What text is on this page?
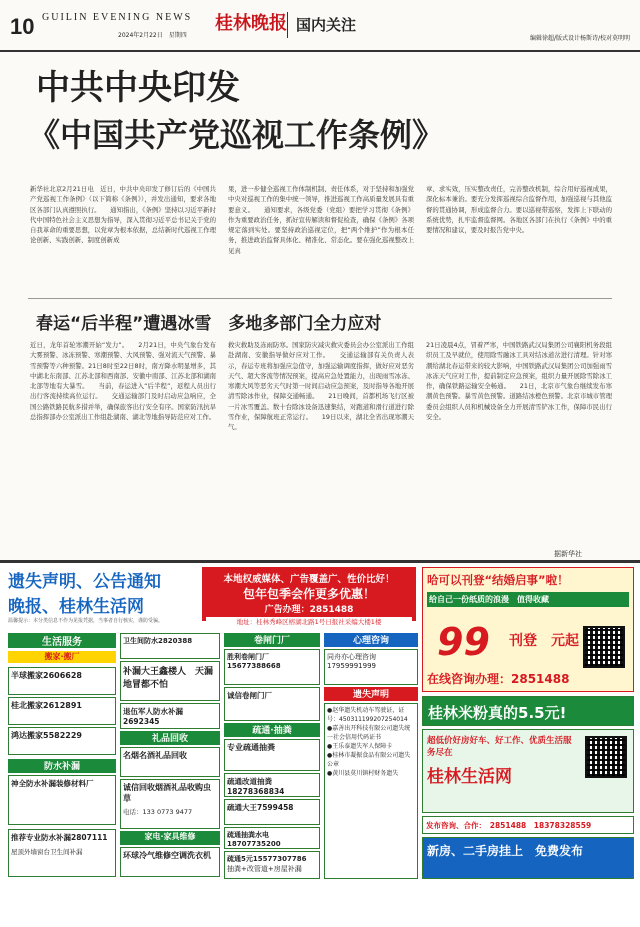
10 GUILIN EVENING NEWS
2024年2月22日　星期四
桂林晚报 国内关注
编辑徐超/版式设计杨斯诗/校对莫明明
中共中央印发
《中国共产党巡视工作条例》
新华社北京2月21日电　近日，中共中央印发了修订后的《中国共产党巡视工作条例》（以下简称《条例》），并发出通知，要求各地区各部门认真遵照执行。　　通知指出，《条例》坚持以习近平新时代中国特色社会主义思想为指导，深入贯彻习近平总书记关于党的自我革命的重要思想，以党章为根本依据，总结新时代巡视工作理论创新、实践创新、制度创新成
果，进一步健全巡视工作体制机制、责任体系，对于坚持和加强党中央对巡视工作的集中统一领导，推进巡视工作高质量发展具有重要意义。　　通知要求，各级党委（党组）要把学习贯彻《条例》作为重要政治任务，抓好宣传解读和督促检查，确保《条例》各项规定落到实处。要坚持政治巡视定位，把“两个维护”作为根本任务，推进政治监督具体化、精准化、常态化。要在强化巡视整改上见真
章、求实效，压实整改责任，完善整改机制，综合用好巡视成果，深化标本兼治。要充分发挥巡视综合监督作用，加强巡视与其他监督的贯通协调，形成监督合力。要以巡视带巡察，发挥上下联动的系统优势，扎牢监督监督网。各地区各部门在执行《条例》中的重要情况和建议，要及时报告党中央。
春运“后半程”遭遇冰雪　多地多部门全力应对
近日，龙年首轮寒潮开始“发力”。　　2月21日，中央气象台发布大雾预警、冰冻预警、寒潮预警、大风预警、强对流天气预警、暴雪预警等六种预警。21日8时至22日8时，南方降水明显增多，其中湖北东南部、江苏北部和西南部、安徽中南部、江苏北部和湖南北部等地有大暴雪。　　当前，春运进入“后半程”，返程人员出行出行客流持续高位运行。　　交通运输部门及时启动应急响应，全国公路铁路民航多措并举，确保旅客出行安全有序。国家防汛抗旱总指挥部办公室派出工作组赴湖南、湖北等地指导防范应对工作。
救灾救助及冻雨防寒。国家防灾减灾救灾委员会办公室派出工作组赴湖南、安徽指导做好应对工作。　　交通运输部有关负责人表示，春运专班将加强应急值守，加强运输调度指挥，做好应对恶劣天气、超大客流等情况预案，提高应急处置能力，出现雨雪冰冻、寒潮大风等恶劣天气时第一时间启动应急预案，及时指导各地开展清雪除冰作业，保障交通畅通。　　21日晚间，首都机场飞行区被一片冰雪覆盖。数十台除冰设备迅速集结，对跑道和滑行道进行除雪作业，保障航班正常运行。　　19日以来，湖北全省出现寒潮天气。
21日凌晨4点，冒着严寒，中国铁路武汉局集团公司襄阳机务段组织员工及早就位，使用除雪融冰工具对结冰道岔进行清理。针对寒潮给湖北春运带来的较大影响，中国铁路武汉局集团公司加强雨雪冰冻天气应对工作，提前制定应急预案，组织力量开展除雪除冰工作，确保铁路运输安全畅通。　　21日，北京市气象台继续发布寒潮黄色预警。暴雪黄色预警。道路结冰橙色预警。北京市城市管理委员会组织人员和机械设备全力开展清雪铲冰工作，保障市民出行安全。
据新华社
遗失声明、公告通知
晚报、桂林生活网
温馨提示：本分类信息不作为见报凭据，当事者自行核实，谨防受骗。
本地权威媒体、广告覆盖广、性价比好！
包年包季会作更多优惠！
广告办理：2851488
地址：桂林秀峰区榕湖北路1号日报社采编大楼1楼
哈可以刊登“结婚启事”啦！
给自己一份纸质的浪漫　值得收藏
99 刊登　元起
在线咨询办理：2851488
生活服务
搬家·搬厂
半球搬家2606628
桂北搬家2612891
鸿达搬家5582229
防水补漏
神全防水补漏装修材料厂
推荐专业防水补漏2807111
屋顶外墙窗台卫生间补漏
卫生间防水2820388
补漏大王鑫楼人　天漏地冒都不怕
退伍军人防水补漏2692345
礼品回收
名烟名酒礼品回收
诚信回收烟酒礼品收购虫草
电话：133 0773 9477
家电·家具维修
环球冷气维修空调洗衣机
卷闸门厂
胜利卷闸门厂15677388668
诚信卷闸门厂
疏通·抽粪
专业疏通抽粪
疏通改道抽粪18278368834
疏通大王7599458
疏通抽粪水电18707735200
疏通5元15577307786
抽粪+改管道+房屋补漏
心理咨询
同舟亦心理咨询17959991999
遗失声明
●赵华遗失机动车驾驶证，证号：450311199207254014
●嘉善出开科技有限公司遗失统一社会信用代码证书
●王乐泰遗失军人保障卡
●桂林市凝振食品有限公司遗失公章
●黄川县莫川镇村财务遗失
桂林米粉真的5.5元!
超低价好房好车、好工作、优质生活服务尽在
桂林生活网
发布咨询、合作：　2851488　18378328559
新房、二手房挂上　免费发布
